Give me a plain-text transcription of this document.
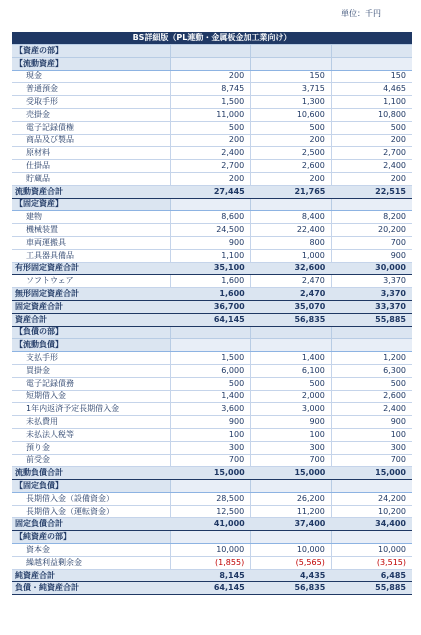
単位：千円
BS詳細版（PL連動・金属板金加工業向け）			
【資産の部】			
【流動資産】			
現金	200	150	150
普通預金	8,745	3,715	4,465
受取手形	1,500	1,300	1,100
売掛金	11,000	10,600	10,800
電子記録債権	500	500	500
商品及び製品	200	200	200
原材料	2,400	2,500	2,700
仕掛品	2,700	2,600	2,400
貯蔵品	200	200	200
流動資産合計	27,445	21,765	22,515
【固定資産】			
建物	8,600	8,400	8,200
機械装置	24,500	22,400	20,200
車両運搬具	900	800	700
工具器具備品	1,100	1,000	900
有形固定資産合計	35,100	32,600	30,000
ソフトウェア	1,600	2,470	3,370
無形固定資産合計	1,600	2,470	3,370
固定資産合計	36,700	35,070	33,370
資産合計	64,145	56,835	55,885
【負債の部】			
【流動負債】			
支払手形	1,500	1,400	1,200
買掛金	6,000	6,100	6,300
電子記録債務	500	500	500
短期借入金	1,400	2,000	2,600
1年内返済予定長期借入金	3,600	3,000	2,400
未払費用	900	900	900
未払法人税等	100	100	100
預り金	300	300	300
前受金	700	700	700
流動負債合計	15,000	15,000	15,000
【固定負債】			
長期借入金（設備資金）	28,500	26,200	24,200
長期借入金（運転資金）	12,500	11,200	10,200
固定負債合計	41,000	37,400	34,400
【純資産の部】			
資本金	10,000	10,000	10,000
繰越利益剰余金	(1,855)	(5,565)	(3,515)
純資産合計	8,145	4,435	6,485
負債・純資産合計	64,145	56,835	55,885
